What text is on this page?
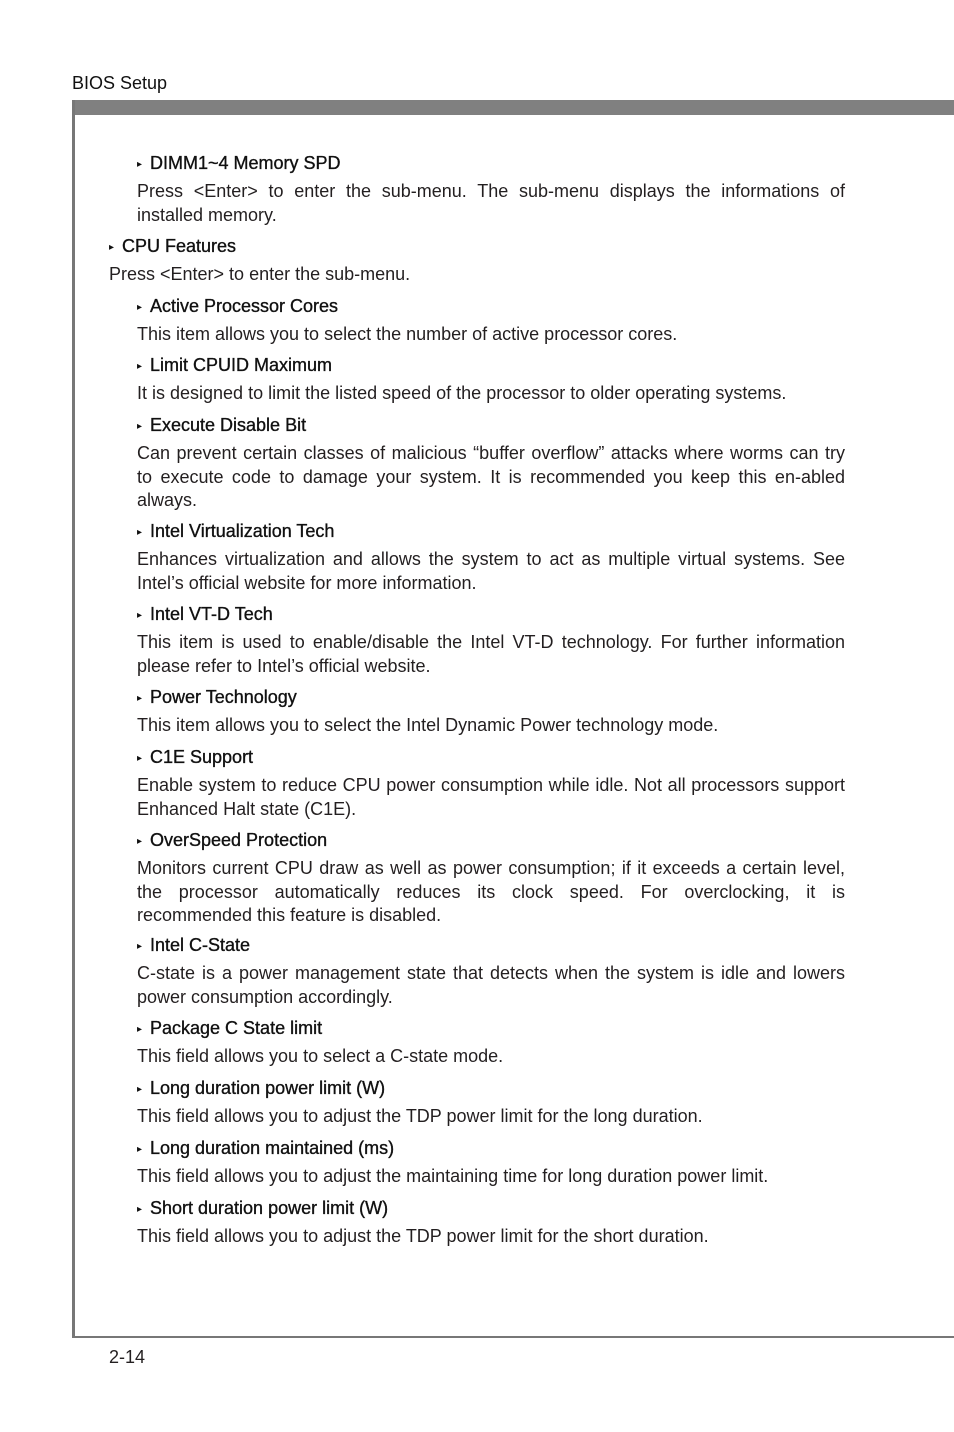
BIOS Setup
▸ DIMM1~4 Memory SPD
Press <Enter> to enter the sub-menu. The sub-menu displays the informations of installed memory.
▸ CPU Features
Press <Enter> to enter the sub-menu.
▸ Active Processor Cores
This item allows you to select the number of active processor cores.
▸ Limit CPUID Maximum
It is designed to limit the listed speed of the processor to older operating systems.
▸ Execute Disable Bit
Can prevent certain classes of malicious “buffer overflow” attacks where worms can try to execute code to damage your system. It is recommended you keep this en-abled always.
▸ Intel Virtualization Tech
Enhances virtualization and allows the system to act as multiple virtual systems. See Intel’s official website for more information.
▸ Intel VT-D Tech
This item is used to enable/disable the Intel VT-D technology. For further information please refer to Intel’s official website.
▸ Power Technology
This item allows you to select the Intel Dynamic Power technology mode.
▸ C1E Support
Enable system to reduce CPU power consumption while idle. Not all processors support Enhanced Halt state (C1E).
▸ OverSpeed Protection
Monitors current CPU draw as well as power consumption; if it exceeds a certain level, the processor automatically reduces its clock speed. For overclocking, it is recommended this feature is disabled.
▸ Intel C-State
C-state is a power management state that detects when the system is idle and lowers power consumption accordingly.
▸ Package C State limit
This field allows you to select a C-state mode.
▸ Long duration power limit (W)
This field allows you to adjust the TDP power limit for the long duration.
▸ Long duration maintained (ms)
This field allows you to adjust the maintaining time for long duration power limit.
▸ Short duration power limit (W)
This field allows you to adjust the TDP power limit for the short duration.
2-14
